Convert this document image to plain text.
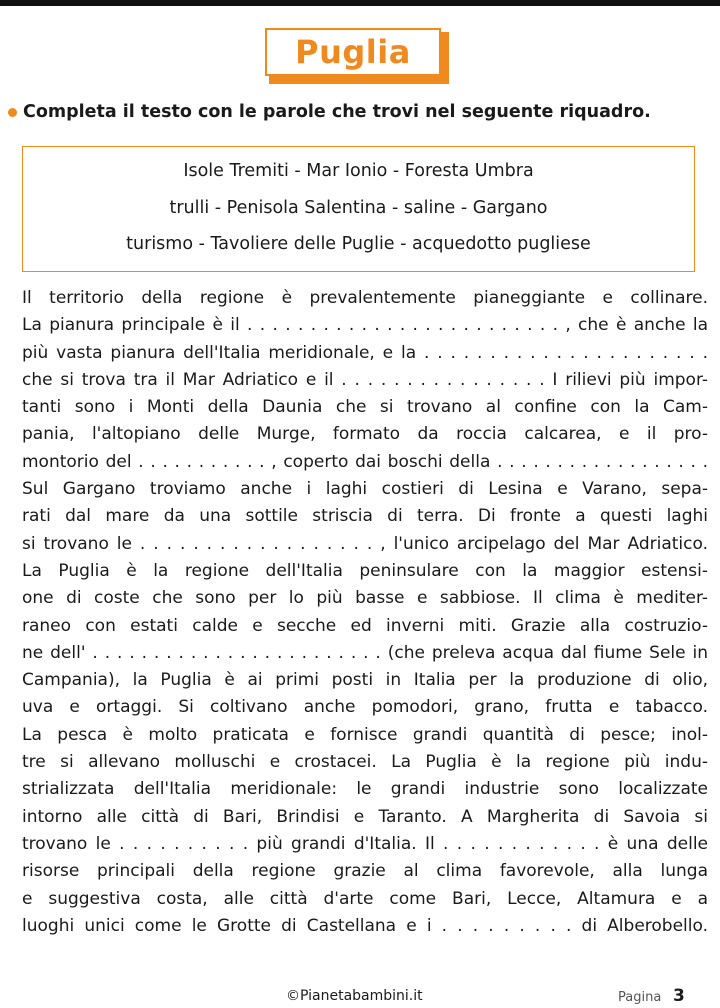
Puglia
Completa il testo con le parole che trovi nel seguente riquadro.
Isole Tremiti - Mar Ionio - Foresta Umbra
trulli - Penisola Salentina - saline - Gargano
turismo - Tavoliere delle Puglie - acquedotto pugliese
Il territorio della regione è prevalentemente pianeggiante e collinare.
La pianura principale è il . . . . . . . . . . . . . . . . . . . . . . . . . , che è anche la
più vasta pianura dell'Italia meridionale, e la . . . . . . . . . . . . . . . . . . . . . .
che si trova tra il Mar Adriatico e il . . . . . . . . . . . . . . . . I rilievi più impor-
tanti sono i Monti della Daunia che si trovano al confine con la Cam-
pania, l'altopiano delle Murge, formato da roccia calcarea, e il pro-
montorio del . . . . . . . . . . . , coperto dai boschi della . . . . . . . . . . . . . . . . . .
Sul Gargano troviamo anche i laghi costieri di Lesina e Varano, sepa-
rati dal mare da una sottile striscia di terra. Di fronte a questi laghi
si trovano le . . . . . . . . . . . . . . . . . . , l'unico arcipelago del Mar Adriatico.
La Puglia è la regione dell'Italia peninsulare con la maggior estensi-
one di coste che sono per lo più basse e sabbiose. Il clima è mediter-
raneo con estati calde e secche ed inverni miti. Grazie alla costruzio-
ne dell' . . . . . . . . . . . . . . . . . . . . . . . . (che preleva acqua dal fiume Sele in
Campania), la Puglia è ai primi posti in Italia per la produzione di olio,
uva e ortaggi. Si coltivano anche pomodori, grano, frutta e tabacco.
La pesca è molto praticata e fornisce grandi quantità di pesce; inol-
tre si allevano molluschi e crostacei. La Puglia è la regione più indu-
strializzata dell'Italia meridionale: le grandi industrie sono localizzate
intorno alle città di Bari, Brindisi e Taranto. A Margherita di Savoia si
trovano le . . . . . . . . . . più grandi d'Italia. Il . . . . . . . . . . . . è una delle
risorse principali della regione grazie al clima favorevole, alla lunga
e suggestiva costa, alle città d'arte come Bari, Lecce, Altamura e a
luoghi unici come le Grotte di Castellana e i . . . . . . . . . di Alberobello.
©Pianetabambini.it	Pagina 3
